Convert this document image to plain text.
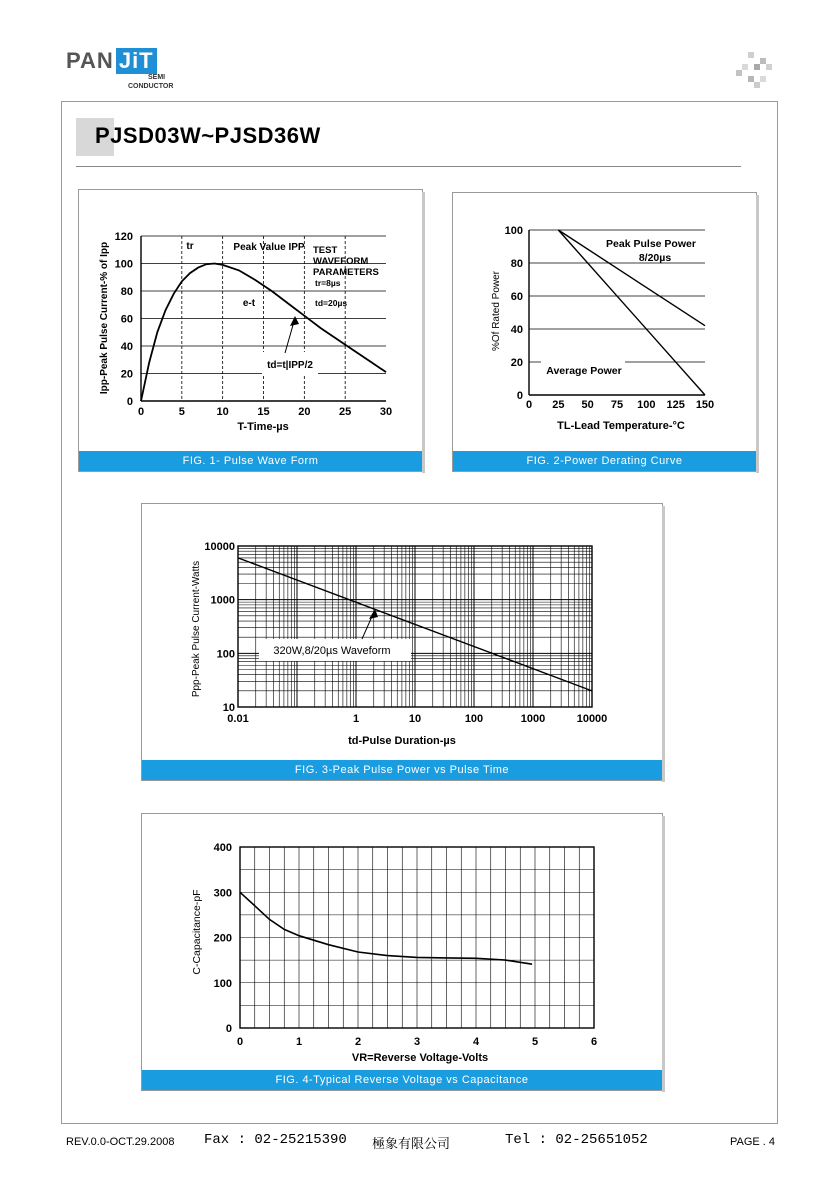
PAN JiT
SEMI
CONDUCTOR
PJSD03W~PJSD36W
0	5	10	15	20	25	30
0
20
40
60
80
100
120
T-Time-µs
Ipp-Peak Pulse Current-% of Ipp	tr	Peak Value IPP TEST
WAVEFORM
PARAMETERS
tr=8µs
td=20µs
e-t
td=t|IPP/2
FIG. 1- Pulse Wave Form
0 25 50 75 100 125 150
0
20
40
60
80
100
Peak Pulse Power
8/20µs
Average Power
TL-Lead Temperature-°C
%Of Rated Power
FIG. 2-Power Derating Curve
0.01	1	10	100	1000	10000
10
100
1000
10000
320W,8/20µs Waveform
td-Pulse Duration-µs
Ppp-Peak Pulse Current-Watts
FIG. 3-Peak Pulse Power vs Pulse Time
0	1	2	3	4	5	6
0
100
200
300
400
VR=Reverse Voltage-Volts
C-Capacitance-pF
FIG. 4-Typical Reverse Voltage vs Capacitance
REV.0.0-OCT.29.2008 Fax : 02-25215390 極象有限公司	Tel : 02-25651052	PAGE . 4
